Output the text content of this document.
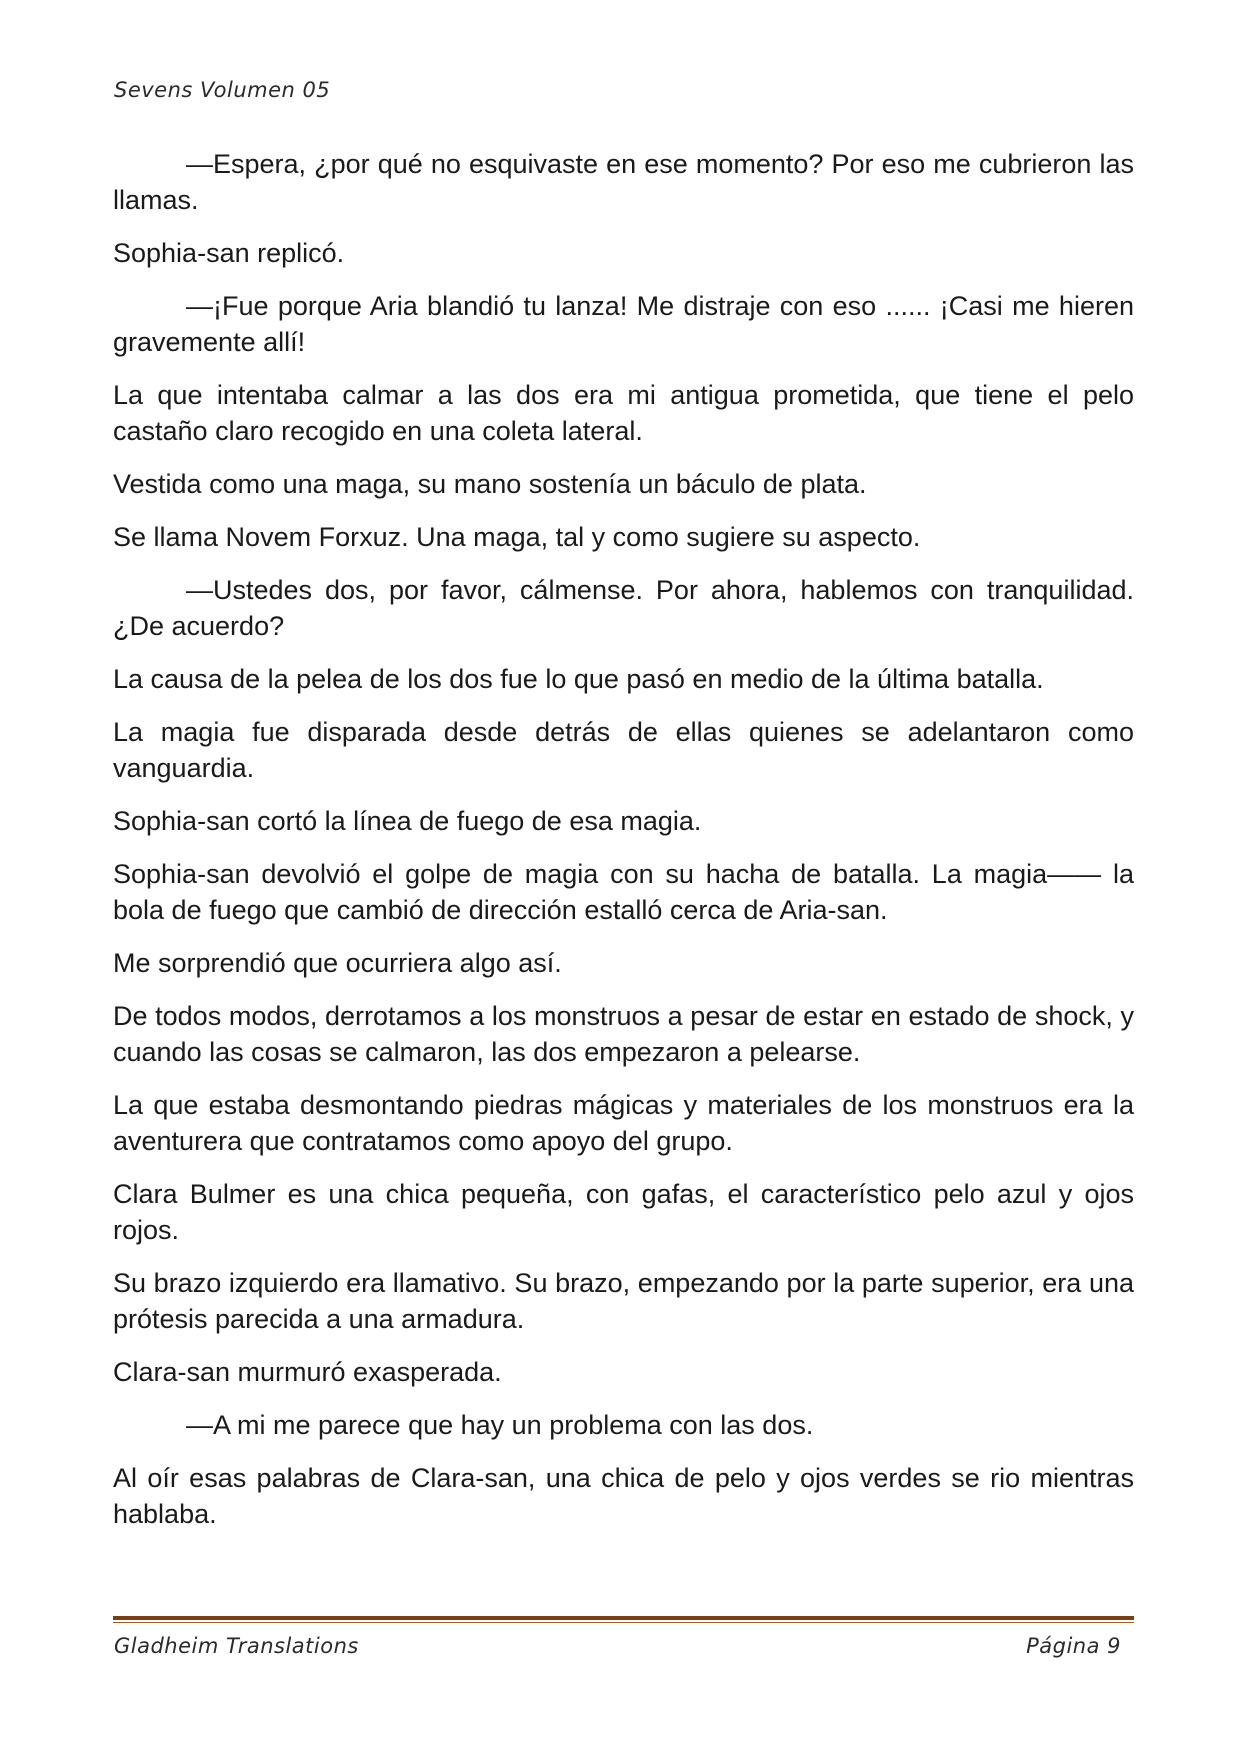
Sevens Volumen 05

—Espera, ¿por qué no esquivaste en ese momento? Por eso me cubrieron las llamas.

Sophia-san replicó.

—¡Fue porque Aria blandió tu lanza! Me distraje con eso ...... ¡Casi me hieren gravemente allí!

La que intentaba calmar a las dos era mi antigua prometida, que tiene el pelo castaño claro recogido en una coleta lateral.

Vestida como una maga, su mano sostenía un báculo de plata.

Se llama Novem Forxuz. Una maga, tal y como sugiere su aspecto.

—Ustedes dos, por favor, cálmense. Por ahora, hablemos con tranquilidad. ¿De acuerdo?

La causa de la pelea de los dos fue lo que pasó en medio de la última batalla.

La magia fue disparada desde detrás de ellas quienes se adelantaron como vanguardia.

Sophia-san cortó la línea de fuego de esa magia.

Sophia-san devolvió el golpe de magia con su hacha de batalla. La magia—— la bola de fuego que cambió de dirección estalló cerca de Aria-san.

Me sorprendió que ocurriera algo así.

De todos modos, derrotamos a los monstruos a pesar de estar en estado de shock, y cuando las cosas se calmaron, las dos empezaron a pelearse.

La que estaba desmontando piedras mágicas y materiales de los monstruos era la aventurera que contratamos como apoyo del grupo.

Clara Bulmer es una chica pequeña, con gafas, el característico pelo azul y ojos rojos.

Su brazo izquierdo era llamativo. Su brazo, empezando por la parte superior, era una prótesis parecida a una armadura.

Clara-san murmuró exasperada.

—A mi me parece que hay un problema con las dos.

Al oír esas palabras de Clara-san, una chica de pelo y ojos verdes se rio mientras hablaba.

Gladheim Translations	Página 9
